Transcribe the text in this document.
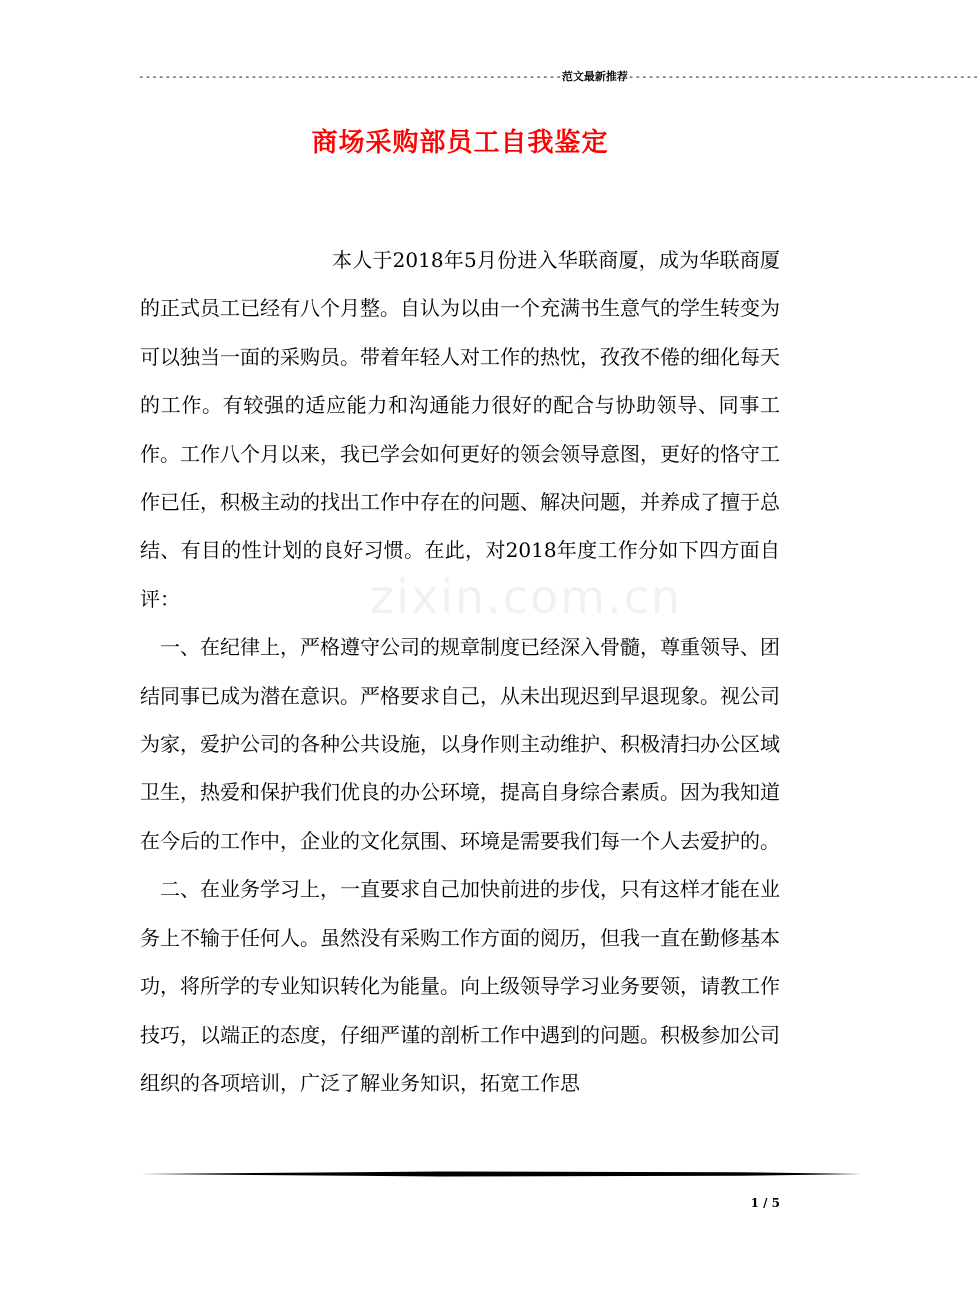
----------------------------------------------------------------范文最新推荐-----------------------------------------------------
商场采购部员工自我鉴定
zixin.com.cn

本人于2018年5月份进入华联商厦，成为华联商厦的正式员工已经有八个月整。自认为以由一个充满书生意气的学生转变为可以独当一面的采购员。带着年轻人对工作的热忱，孜孜不倦的细化每天的工作。有较强的适应能力和沟通能力很好的配合与协助领导、同事工作。工作八个月以来，我已学会如何更好的领会领导意图，更好的恪守工作已任，积极主动的找出工作中存在的问题、解决问题，并养成了擅于总结、有目的性计划的良好习惯。在此，对2018年度工作分如下四方面自评：

一、在纪律上，严格遵守公司的规章制度已经深入骨髓，尊重领导、团结同事已成为潜在意识。严格要求自己，从未出现迟到早退现象。视公司为家，爱护公司的各种公共设施，以身作则主动维护、积极清扫办公区域卫生，热爱和保护我们优良的办公环境，提高自身综合素质。因为我知道在今后的工作中，企业的文化氛围、环境是需要我们每一个人去爱护的。

二、在业务学习上，一直要求自己加快前进的步伐，只有这样才能在业务上不输于任何人。虽然没有采购工作方面的阅历，但我一直在勤修基本功，将所学的专业知识转化为能量。向上级领导学习业务要领，请教工作技巧，以端正的态度，仔细严谨的剖析工作中遇到的问题。积极参加公司组织的各项培训，广泛了解业务知识，拓宽工作思

1 / 5
